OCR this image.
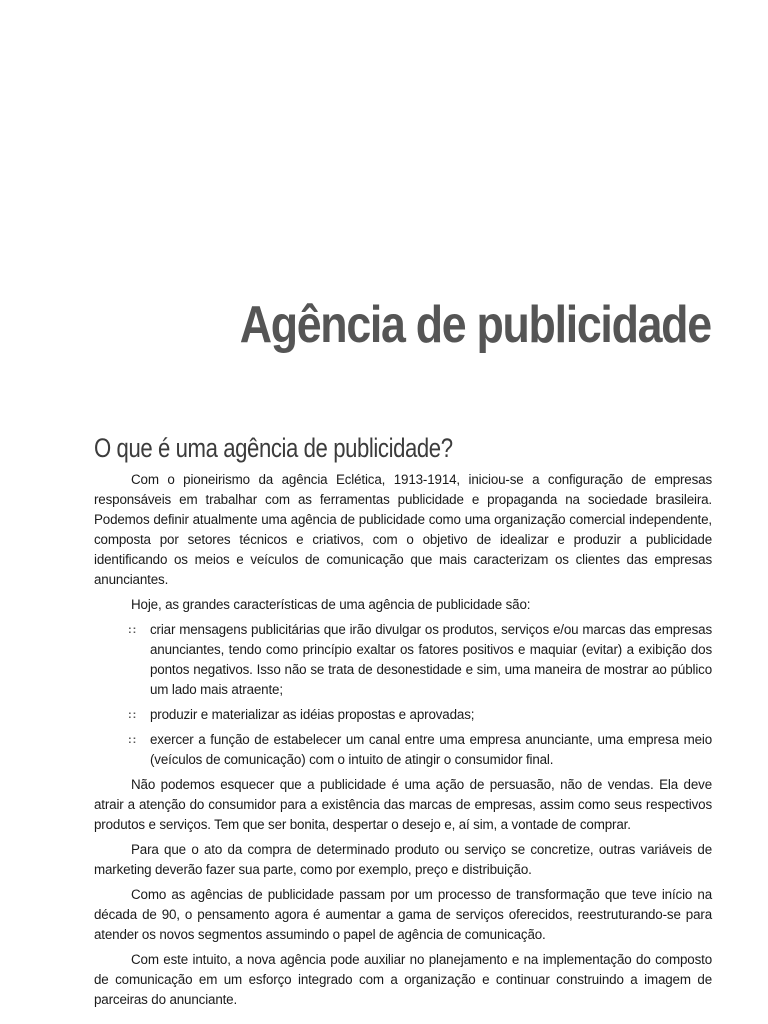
Agência de publicidade
O que é uma agência de publicidade?

Com o pioneirismo da agência Eclética, 1913-1914, iniciou-se a configuração de empresas responsáveis em trabalhar com as ferramentas publicidade e propaganda na sociedade brasileira. Podemos definir atualmente uma agência de publicidade como uma organização comercial independente, composta por setores técnicos e criativos, com o objetivo de idealizar e produzir a publicidade identificando os meios e veículos de comunicação que mais caracterizam os clientes das empresas anunciantes.

Hoje, as grandes características de uma agência de publicidade são:

:: criar mensagens publicitárias que irão divulgar os produtos, serviços e/ou marcas das empresas anunciantes, tendo como princípio exaltar os fatores positivos e maquiar (evitar) a exibição dos pontos negativos. Isso não se trata de desonestidade e sim, uma maneira de mostrar ao público um lado mais atraente;
:: produzir e materializar as idéias propostas e aprovadas;
:: exercer a função de estabelecer um canal entre uma empresa anunciante, uma empresa meio (veículos de comunicação) com o intuito de atingir o consumidor final.

Não podemos esquecer que a publicidade é uma ação de persuasão, não de vendas. Ela deve atrair a atenção do consumidor para a existência das marcas de empresas, assim como seus respectivos produtos e serviços. Tem que ser bonita, despertar o desejo e, aí sim, a vontade de comprar.

Para que o ato da compra de determinado produto ou serviço se concretize, outras variáveis de marketing deverão fazer sua parte, como por exemplo, preço e distribuição.

Como as agências de publicidade passam por um processo de transformação que teve início na década de 90, o pensamento agora é aumentar a gama de serviços oferecidos, reestruturando-se para atender os novos segmentos assumindo o papel de agência de comunicação.

Com este intuito, a nova agência pode auxiliar no planejamento e na implementação do composto de comunicação em um esforço integrado com a organização e continuar construindo a imagem de parceiras do anunciante.
